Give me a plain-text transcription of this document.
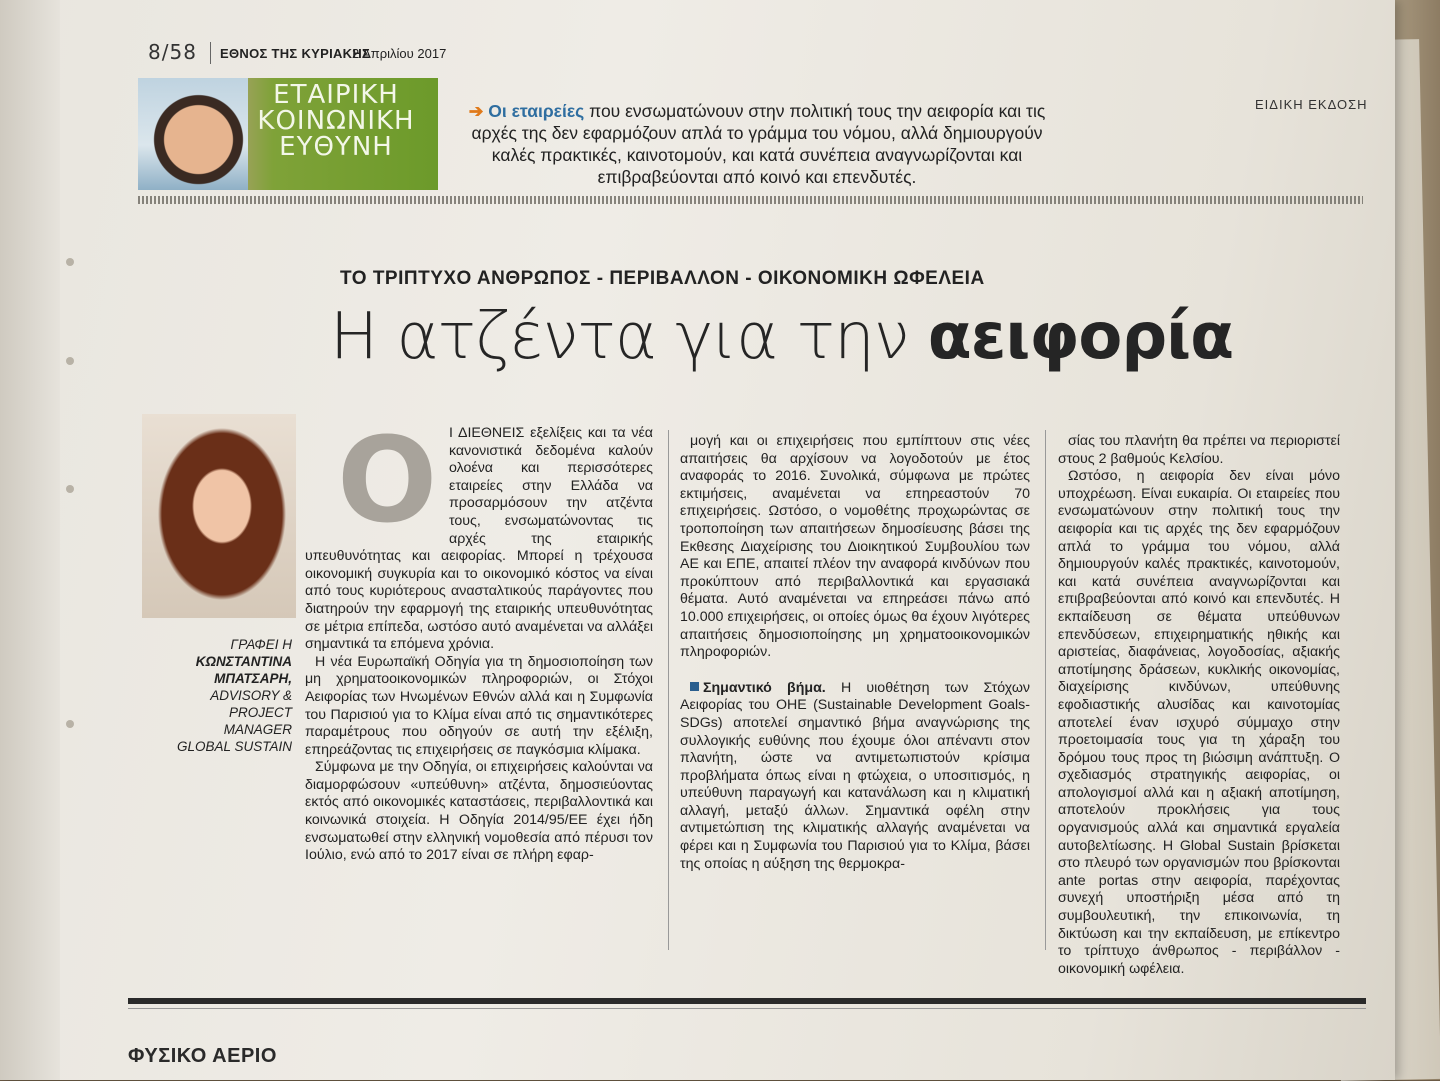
8/58 ΕΘΝΟΣ ΤΗΣ ΚΥΡΙΑΚΗΣ
2 Απριλίου 2017
ΕΤΑΙΡΙΚΗ
ΚΟΙΝΩΝΙΚΗ
ΕΥΘΥΝΗ
➔ Οι εταιρείες που ενσωματώνουν στην πολιτική τους την αειφορία και τις αρχές της δεν εφαρμόζουν απλά το γράμμα του νόμου, αλλά δημιουργούν καλές πρακτικές, καινοτομούν, και κατά συνέπεια αναγνωρίζονται και επιβραβεύονται από κοινό και επενδυτές.
ΕΙΔΙΚΗ ΕΚΔΟΣΗ
ΤΟ ΤΡΙΠΤΥΧΟ ΑΝΘΡΩΠΟΣ - ΠΕΡΙΒΑΛΛΟΝ - ΟΙΚΟΝΟΜΙΚΗ ΩΦΕΛΕΙΑ
Η ατζέντα για την αειφορία
ΓΡΑΦΕΙ Η
ΚΩΝΣΤΑΝΤΙΝΑ
ΜΠΑΤΣΑΡΗ,
ADVISORY & PROJECT
MANAGER
GLOBAL SUSTAIN
Ο Ι ΔΙΕΘΝΕΙΣ εξελίξεις και τα νέα κανονιστικά δεδομένα καλούν ολοένα και περισσότερες εταιρείες στην Ελλάδα να προσαρμόσουν την ατζέντα τους, ενσωματώνοντας τις αρχές της εταιρικής υπευθυνότητας και αειφορίας. Μπορεί η τρέχουσα οικονομική συγκυρία και το οικονομικό κόστος να είναι από τους κυριότερους ανασταλτικούς παράγοντες που διατηρούν την εφαρμογή της εταιρικής υπευθυνότητας σε μέτρια επίπεδα, ωστόσο αυτό αναμένεται να αλλάξει σημαντικά τα επόμενα χρόνια.

Η νέα Ευρωπαϊκή Οδηγία για τη δημοσιοποίηση των μη χρηματοοικονομικών πληροφοριών, οι Στόχοι Αειφορίας των Ηνωμένων Εθνών αλλά και η Συμφωνία του Παρισιού για το Κλίμα είναι από τις σημαντικότερες παραμέτρους που οδηγούν σε αυτή την εξέλιξη, επηρεάζοντας τις επιχειρήσεις σε παγκόσμια κλίμακα.

Σύμφωνα με την Οδηγία, οι επιχειρήσεις καλούνται να διαμορφώσουν «υπεύθυνη» ατζέντα, δημοσιεύοντας εκτός από οικονομικές καταστάσεις, περιβαλλοντικά και κοινωνικά στοιχεία. Η Οδηγία 2014/95/ΕΕ έχει ήδη ενσωματωθεί στην ελληνική νομοθεσία από πέρυσι τον Ιούλιο, ενώ από το 2017 είναι σε πλήρη εφαρ-

μογή και οι επιχειρήσεις που εμπίπτουν στις νέες απαιτήσεις θα αρχίσουν να λογοδοτούν με έτος αναφοράς το 2016. Συνολικά, σύμφωνα με πρώτες εκτιμήσεις, αναμένεται να επηρεαστούν 70 επιχειρήσεις. Ωστόσο, ο νομοθέτης προχωρώντας σε τροποποίηση των απαιτήσεων δημοσίευσης βάσει της Εκθεσης Διαχείρισης του Διοικητικού Συμβουλίου των ΑΕ και ΕΠΕ, απαιτεί πλέον την αναφορά κινδύνων που προκύπτουν από περιβαλλοντικά και εργασιακά θέματα. Αυτό αναμένεται να επηρεάσει πάνω από 10.000 επιχειρήσεις, οι οποίες όμως θα έχουν λιγότερες απαιτήσεις δημοσιοποίησης μη χρηματοοικονομικών πληροφοριών.

Σημαντικό βήμα. Η υιοθέτηση των Στόχων Αειφορίας του ΟΗΕ (Sustainable Development Goals-SDGs) αποτελεί σημαντικό βήμα αναγνώρισης της συλλογικής ευθύνης που έχουμε όλοι απέναντι στον πλανήτη, ώστε να αντιμετωπιστούν κρίσιμα προβλήματα όπως είναι η φτώχεια, ο υποσιτισμός, η υπεύθυνη παραγωγή και κατανάλωση και η κλιματική αλλαγή, μεταξύ άλλων. Σημαντικά οφέλη στην αντιμετώπιση της κλιματικής αλλαγής αναμένεται να φέρει και η Συμφωνία του Παρισιού για το Κλίμα, βάσει της οποίας η αύξηση της θερμοκρα-

σίας του πλανήτη θα πρέπει να περιοριστεί στους 2 βαθμούς Κελσίου.

Ωστόσο, η αειφορία δεν είναι μόνο υποχρέωση. Είναι ευκαιρία. Οι εταιρείες που ενσωματώνουν στην πολιτική τους την αειφορία και τις αρχές της δεν εφαρμόζουν απλά το γράμμα του νόμου, αλλά δημιουργούν καλές πρακτικές, καινοτομούν, και κατά συνέπεια αναγνωρίζονται και επιβραβεύονται από κοινό και επενδυτές. Η εκπαίδευση σε θέματα υπεύθυνων επενδύσεων, επιχειρηματικής ηθικής και αριστείας, διαφάνειας, λογοδοσίας, αξιακής αποτίμησης δράσεων, κυκλικής οικονομίας, διαχείρισης κινδύνων, υπεύθυνης εφοδιαστικής αλυσίδας και καινοτομίας αποτελεί έναν ισχυρό σύμμαχο στην προετοιμασία τους για τη χάραξη του δρόμου τους προς τη βιώσιμη ανάπτυξη. Ο σχεδιασμός στρατηγικής αειφορίας, οι απολογισμοί αλλά και η αξιακή αποτίμηση, αποτελούν προκλήσεις για τους οργανισμούς αλλά και σημαντικά εργαλεία αυτοβελτίωσης. Η Global Sustain βρίσκεται στο πλευρό των οργανισμών που βρίσκονται ante portas στην αειφορία, παρέχοντας συνεχή υποστήριξη μέσα από τη συμβουλευτική, την επικοινωνία, τη δικτύωση και την εκπαίδευση, με επίκεντρο το τρίπτυχο άνθρωπος - περιβάλλον - οικονομική ωφέλεια.

ΦΥΣΙΚΟ ΑΕΡΙΟ
